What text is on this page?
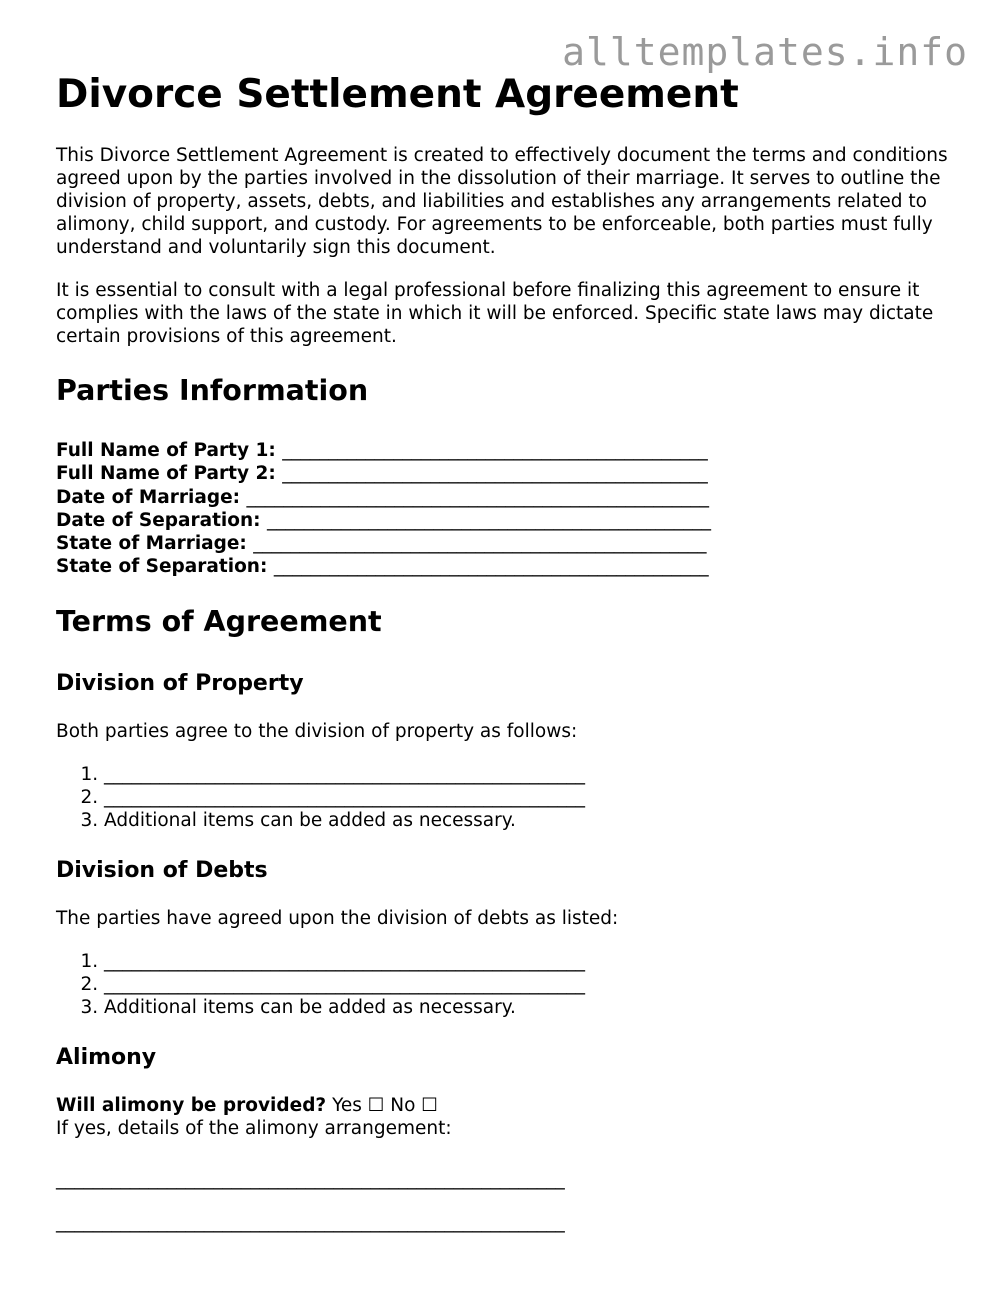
alltemplates.info
Divorce Settlement Agreement

This Divorce Settlement Agreement is created to effectively document the terms and conditions agreed upon by the parties involved in the dissolution of their marriage. It serves to outline the division of property, assets, debts, and liabilities and establishes any arrangements related to alimony, child support, and custody. For agreements to be enforceable, both parties must fully understand and voluntarily sign this document.

It is essential to consult with a legal professional before finalizing this agreement to ensure it complies with the laws of the state in which it will be enforced. Specific state laws may dictate certain provisions of this agreement.

Parties Information
Full Name of Party 1: ______________________________________________
Full Name of Party 2: ______________________________________________
Date of Marriage: __________________________________________________
Date of Separation: ________________________________________________
State of Marriage: _________________________________________________
State of Separation: _______________________________________________
Terms of Agreement
Division of Property

Both parties agree to the division of property as follows:

1. ____________________________________________________
2. ____________________________________________________
3. Additional items can be added as necessary.
Division of Debts

The parties have agreed upon the division of debts as listed:

1. ____________________________________________________
2. ____________________________________________________
3. Additional items can be added as necessary.
Alimony
Will alimony be provided? Yes ☐ No ☐
If yes, details of the alimony arrangement:
_______________________________________________________
_______________________________________________________
